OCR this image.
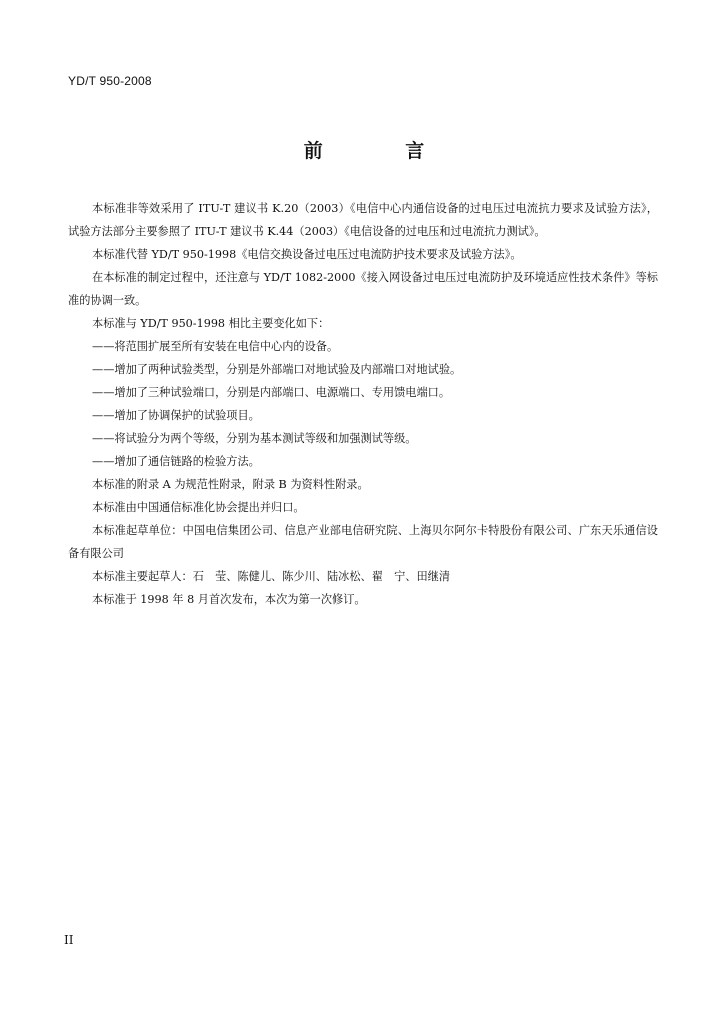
YD/T 950-2008
前 言

本标准非等效采用了 ITU-T 建议书 K.20（2003）《电信中心内通信设备的过电压过电流抗力要求及试验方法》，试验方法部分主要参照了 ITU-T 建议书 K.44（2003）《电信设备的过电压和过电流抗力测试》。

本标准代替 YD/T 950-1998《电信交换设备过电压过电流防护技术要求及试验方法》。

在本标准的制定过程中，还注意与 YD/T 1082-2000《接入网设备过电压过电流防护及环境适应性技术条件》等标准的协调一致。

本标准与 YD/T 950-1998 相比主要变化如下：

——将范围扩展至所有安装在电信中心内的设备。

——增加了两种试验类型，分别是外部端口对地试验及内部端口对地试验。

——增加了三种试验端口，分别是内部端口、电源端口、专用馈电端口。

——增加了协调保护的试验项目。

——将试验分为两个等级，分别为基本测试等级和加强测试等级。

——增加了通信链路的检验方法。

本标准的附录 A 为规范性附录，附录 B 为资料性附录。

本标准由中国通信标准化协会提出并归口。

本标准起草单位：中国电信集团公司、信息产业部电信研究院、上海贝尔阿尔卡特股份有限公司、广东天乐通信设备有限公司

本标准主要起草人：石　莹、陈健儿、陈少川、陆冰松、翟　宁、田继清

本标准于 1998 年 8 月首次发布，本次为第一次修订。

II
